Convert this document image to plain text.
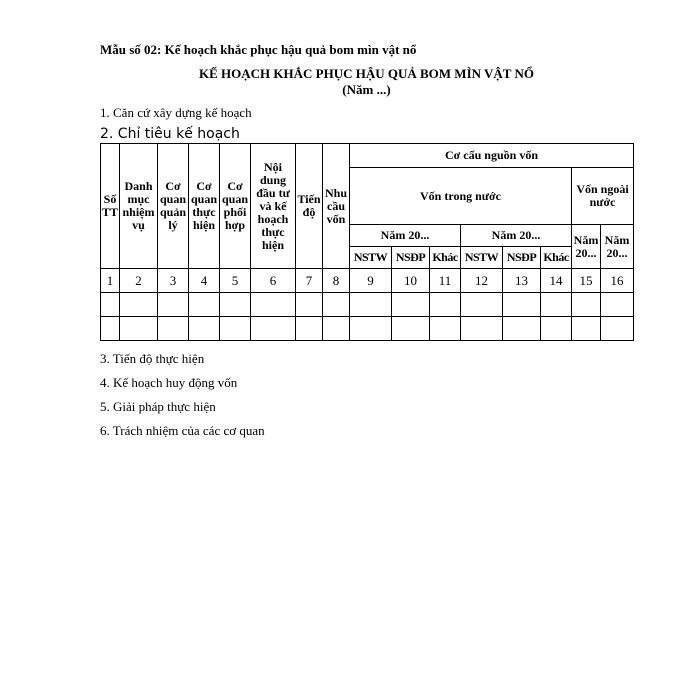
Mẫu số 02: Kế hoạch khắc phục hậu quả bom mìn vật nổ
KẾ HOẠCH KHẮC PHỤC HẬU QUẢ BOM MÌN VẬT NỔ
(Năm ...)
1. Căn cứ xây dựng kế hoạch
2. Chỉ tiêu kế hoạch
Số TT	Danh mục nhiệm vụ	Cơ quan quản lý	Cơ quan thực hiện	Cơ quan phối hợp	Nội dung đầu tư và kế hoạch thực hiện	Tiến độ	Nhu cầu vốn	Cơ cấu nguồn vốn							
								Vốn trong nước						Vốn ngoài nước	
								Năm 20...			Năm 20...			Năm 20...	Năm 20...
								NSTW	NSĐP	Khác	NSTW	NSĐP	Khác		
1	2	3	4	5	6	7	8	9	10	11	12	13	14	15	16

3. Tiến độ thực hiện
4. Kế hoạch huy động vốn
5. Giải pháp thực hiện
6. Trách nhiệm của các cơ quan
